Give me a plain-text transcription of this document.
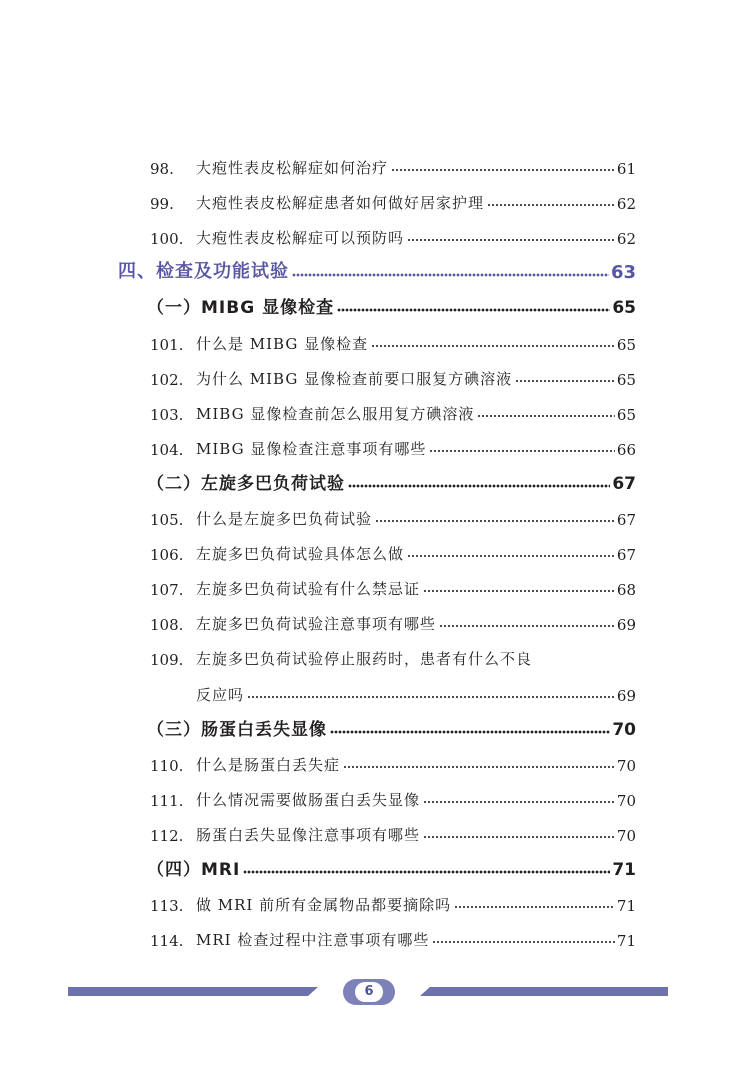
98.	大疱性表皮松解症如何治疗	61
99.	大疱性表皮松解症患者如何做好居家护理	62
100. 大疱性表皮松解症可以预防吗	62
四、检查及功能试验	63
（一）MIBG 显像检查	65
101. 什么是 MIBG 显像检查	65
102. 为什么 MIBG 显像检查前要口服复方碘溶液	65
103. MIBG 显像检查前怎么服用复方碘溶液	65
104. MIBG 显像检查注意事项有哪些	66
（二）左旋多巴负荷试验	67
105. 什么是左旋多巴负荷试验	67
106. 左旋多巴负荷试验具体怎么做	67
107. 左旋多巴负荷试验有什么禁忌证	68
108. 左旋多巴负荷试验注意事项有哪些	69
109. 左旋多巴负荷试验停止服药时，患者有什么不良
反应吗	69
（三）肠蛋白丢失显像	70
110. 什么是肠蛋白丢失症	70
111. 什么情况需要做肠蛋白丢失显像	70
112. 肠蛋白丢失显像注意事项有哪些	70
（四）MRI	71
113. 做 MRI 前所有金属物品都要摘除吗	71
114. MRI 检查过程中注意事项有哪些	71
6
